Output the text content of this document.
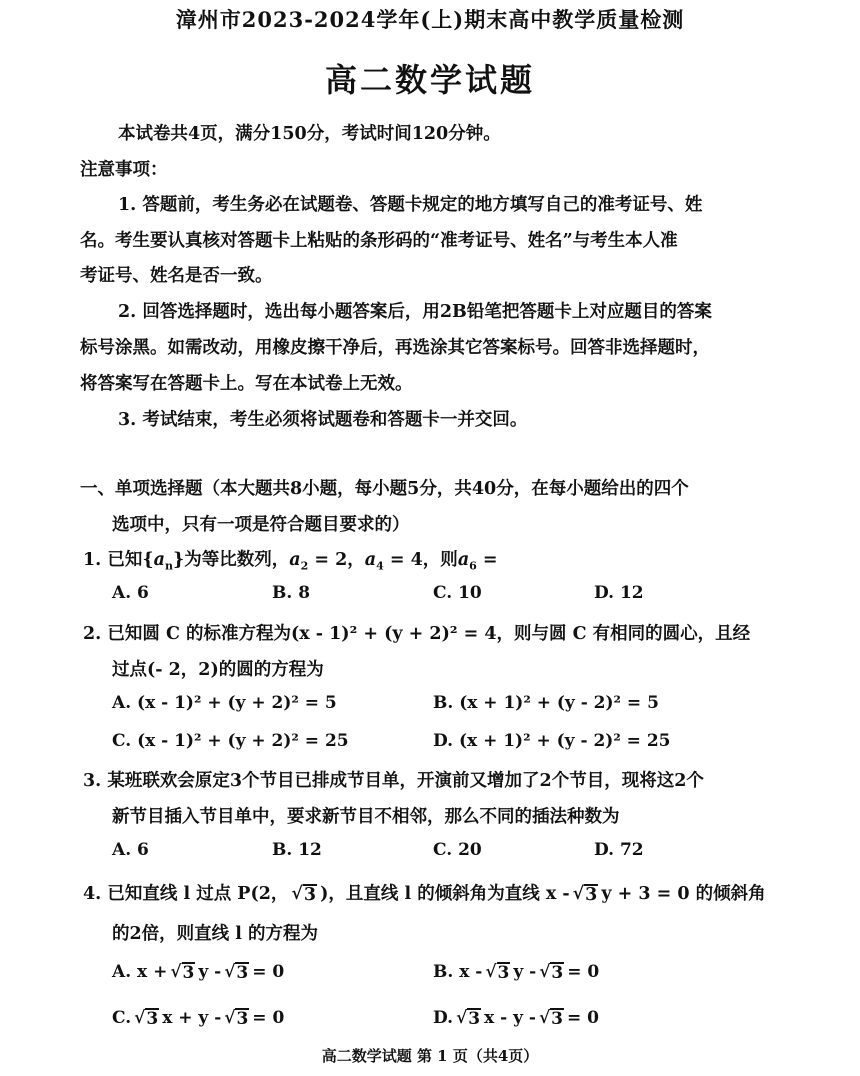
漳州市2023-2024学年(上)期末高中教学质量检测
高二数学试题
本试卷共4页，满分150分，考试时间120分钟。
注意事项：
1. 答题前，考生务必在试题卷、答题卡规定的地方填写自己的准考证号、姓
名。考生要认真核对答题卡上粘贴的条形码的“准考证号、姓名”与考生本人准
考证号、姓名是否一致。
2. 回答选择题时，选出每小题答案后，用2B铅笔把答题卡上对应题目的答案
标号涂黑。如需改动，用橡皮擦干净后，再选涂其它答案标号。回答非选择题时，
将答案写在答题卡上。写在本试卷上无效。
3. 考试结束，考生必须将试题卷和答题卡一并交回。
一、单项选择题（本大题共8小题，每小题5分，共40分，在每小题给出的四个
选项中，只有一项是符合题目要求的）
1. 已知$\{a_n\}$为等比数列，$a_2 = 2$，$a_4 = 4$，则$a_6$ =
A. 6	B. 8	C. 10	D. 12
2. 已知圆 C 的标准方程为(x - 1)² + (y + 2)² = 4，则与圆 C 有相同的圆心，且经
过点(- 2，2)的圆的方程为
A. (x - 1)² + (y + 2)² = 5	B. (x + 1)² + (y - 2)² = 5
C. (x - 1)² + (y + 2)² = 25	D. (x + 1)² + (y - 2)² = 25
3. 某班联欢会原定3个节目已排成节目单，开演前又增加了2个节目，现将这2个
新节目插入节目单中，要求新节目不相邻，那么不同的插法种数为
A. 6	B. 12	C. 20	D. 72
4. 已知直线 l 过点 P(2， √ 3 )，且直线 l 的倾斜角为直线 x - √ 3 y + 3 = 0 的倾斜角
的2倍，则直线 l 的方程为
A. x + √ 3 y - √ 3 = 0	B. x - √ 3 y - √ 3 = 0
C. √ 3 x + y - √ 3 = 0	D. √ 3 x - y - √ 3 = 0
高二数学试题 第 1 页（共4页）
